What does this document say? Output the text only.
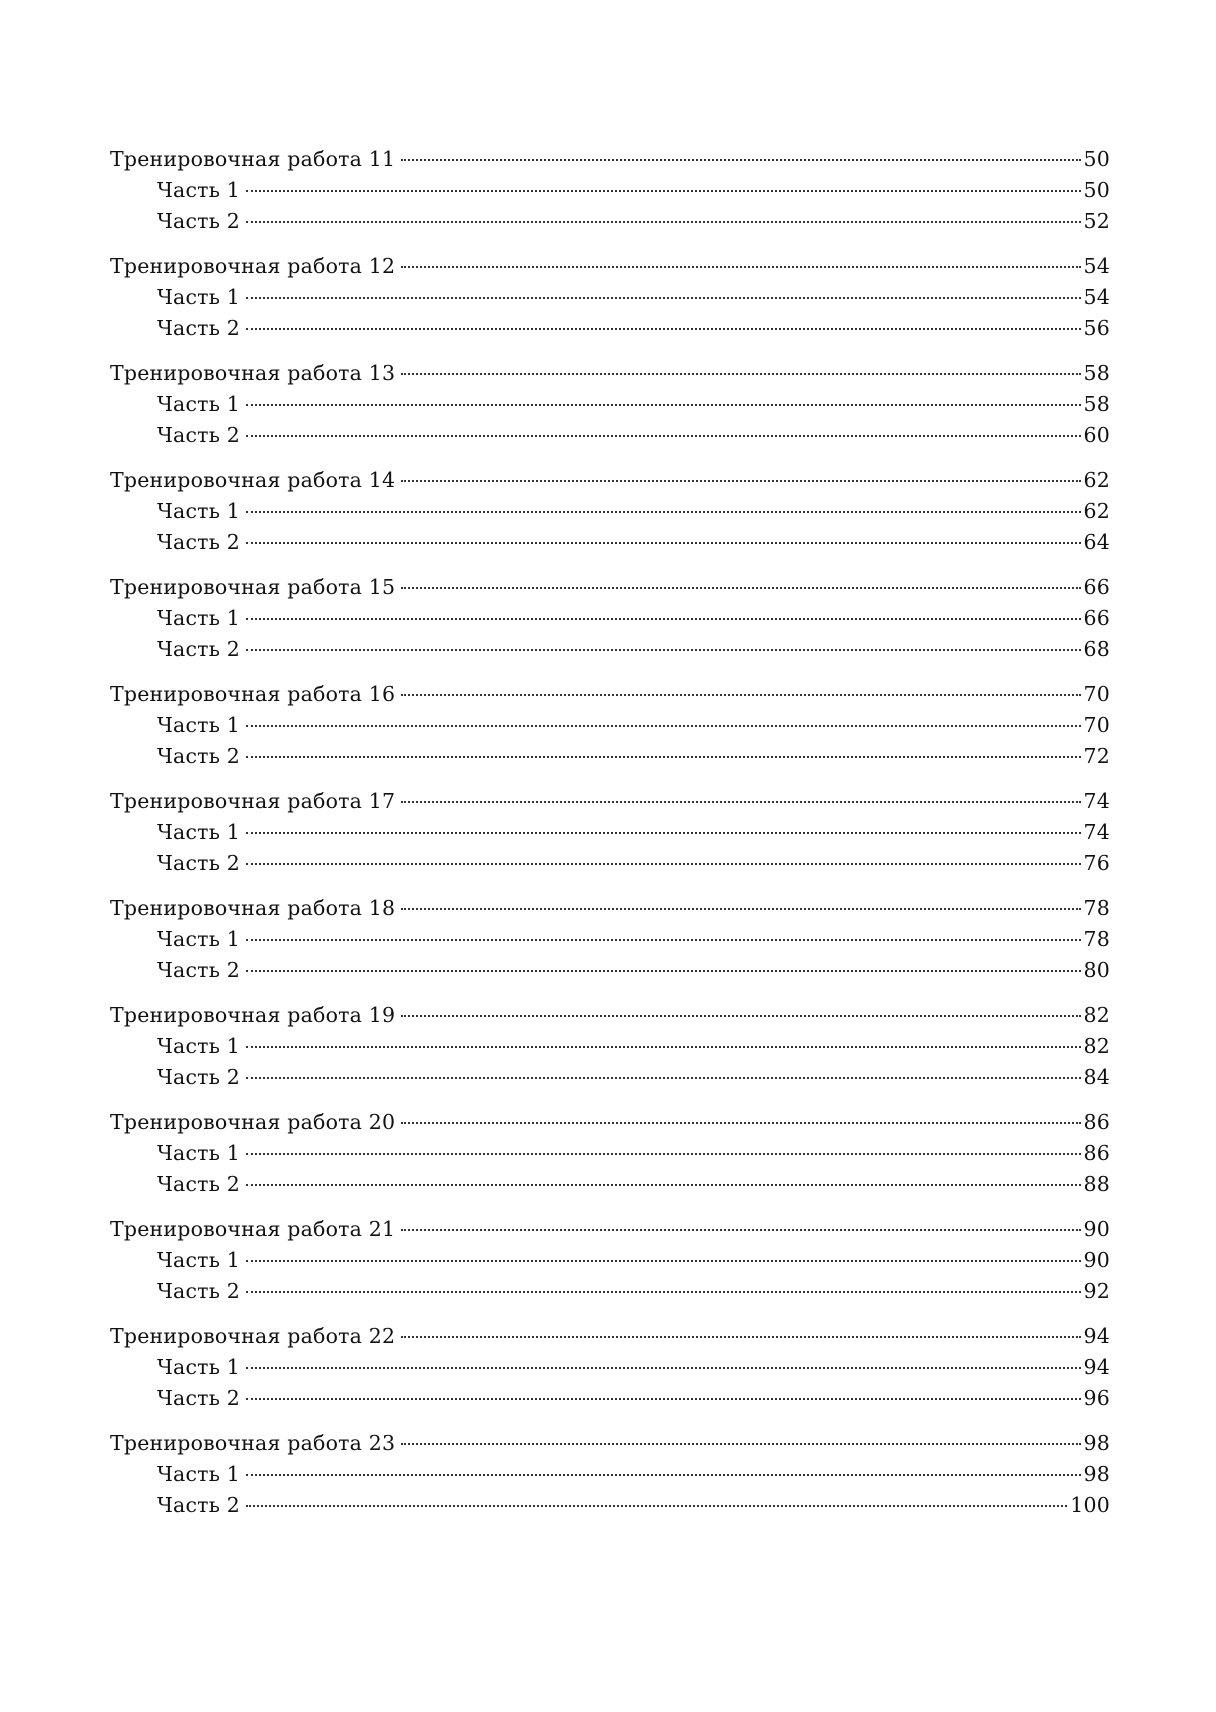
Тренировочная работа 11	50
Часть 1	50
Часть 2	52
Тренировочная работа 12	54
Часть 1	54
Часть 2	56
Тренировочная работа 13	58
Часть 1	58
Часть 2	60
Тренировочная работа 14	62
Часть 1	62
Часть 2	64
Тренировочная работа 15	66
Часть 1	66
Часть 2	68
Тренировочная работа 16	70
Часть 1	70
Часть 2	72
Тренировочная работа 17	74
Часть 1	74
Часть 2	76
Тренировочная работа 18	78
Часть 1	78
Часть 2	80
Тренировочная работа 19	82
Часть 1	82
Часть 2	84
Тренировочная работа 20	86
Часть 1	86
Часть 2	88
Тренировочная работа 21	90
Часть 1	90
Часть 2	92
Тренировочная работа 22	94
Часть 1	94
Часть 2	96
Тренировочная работа 23	98
Часть 1	98
Часть 2	100
